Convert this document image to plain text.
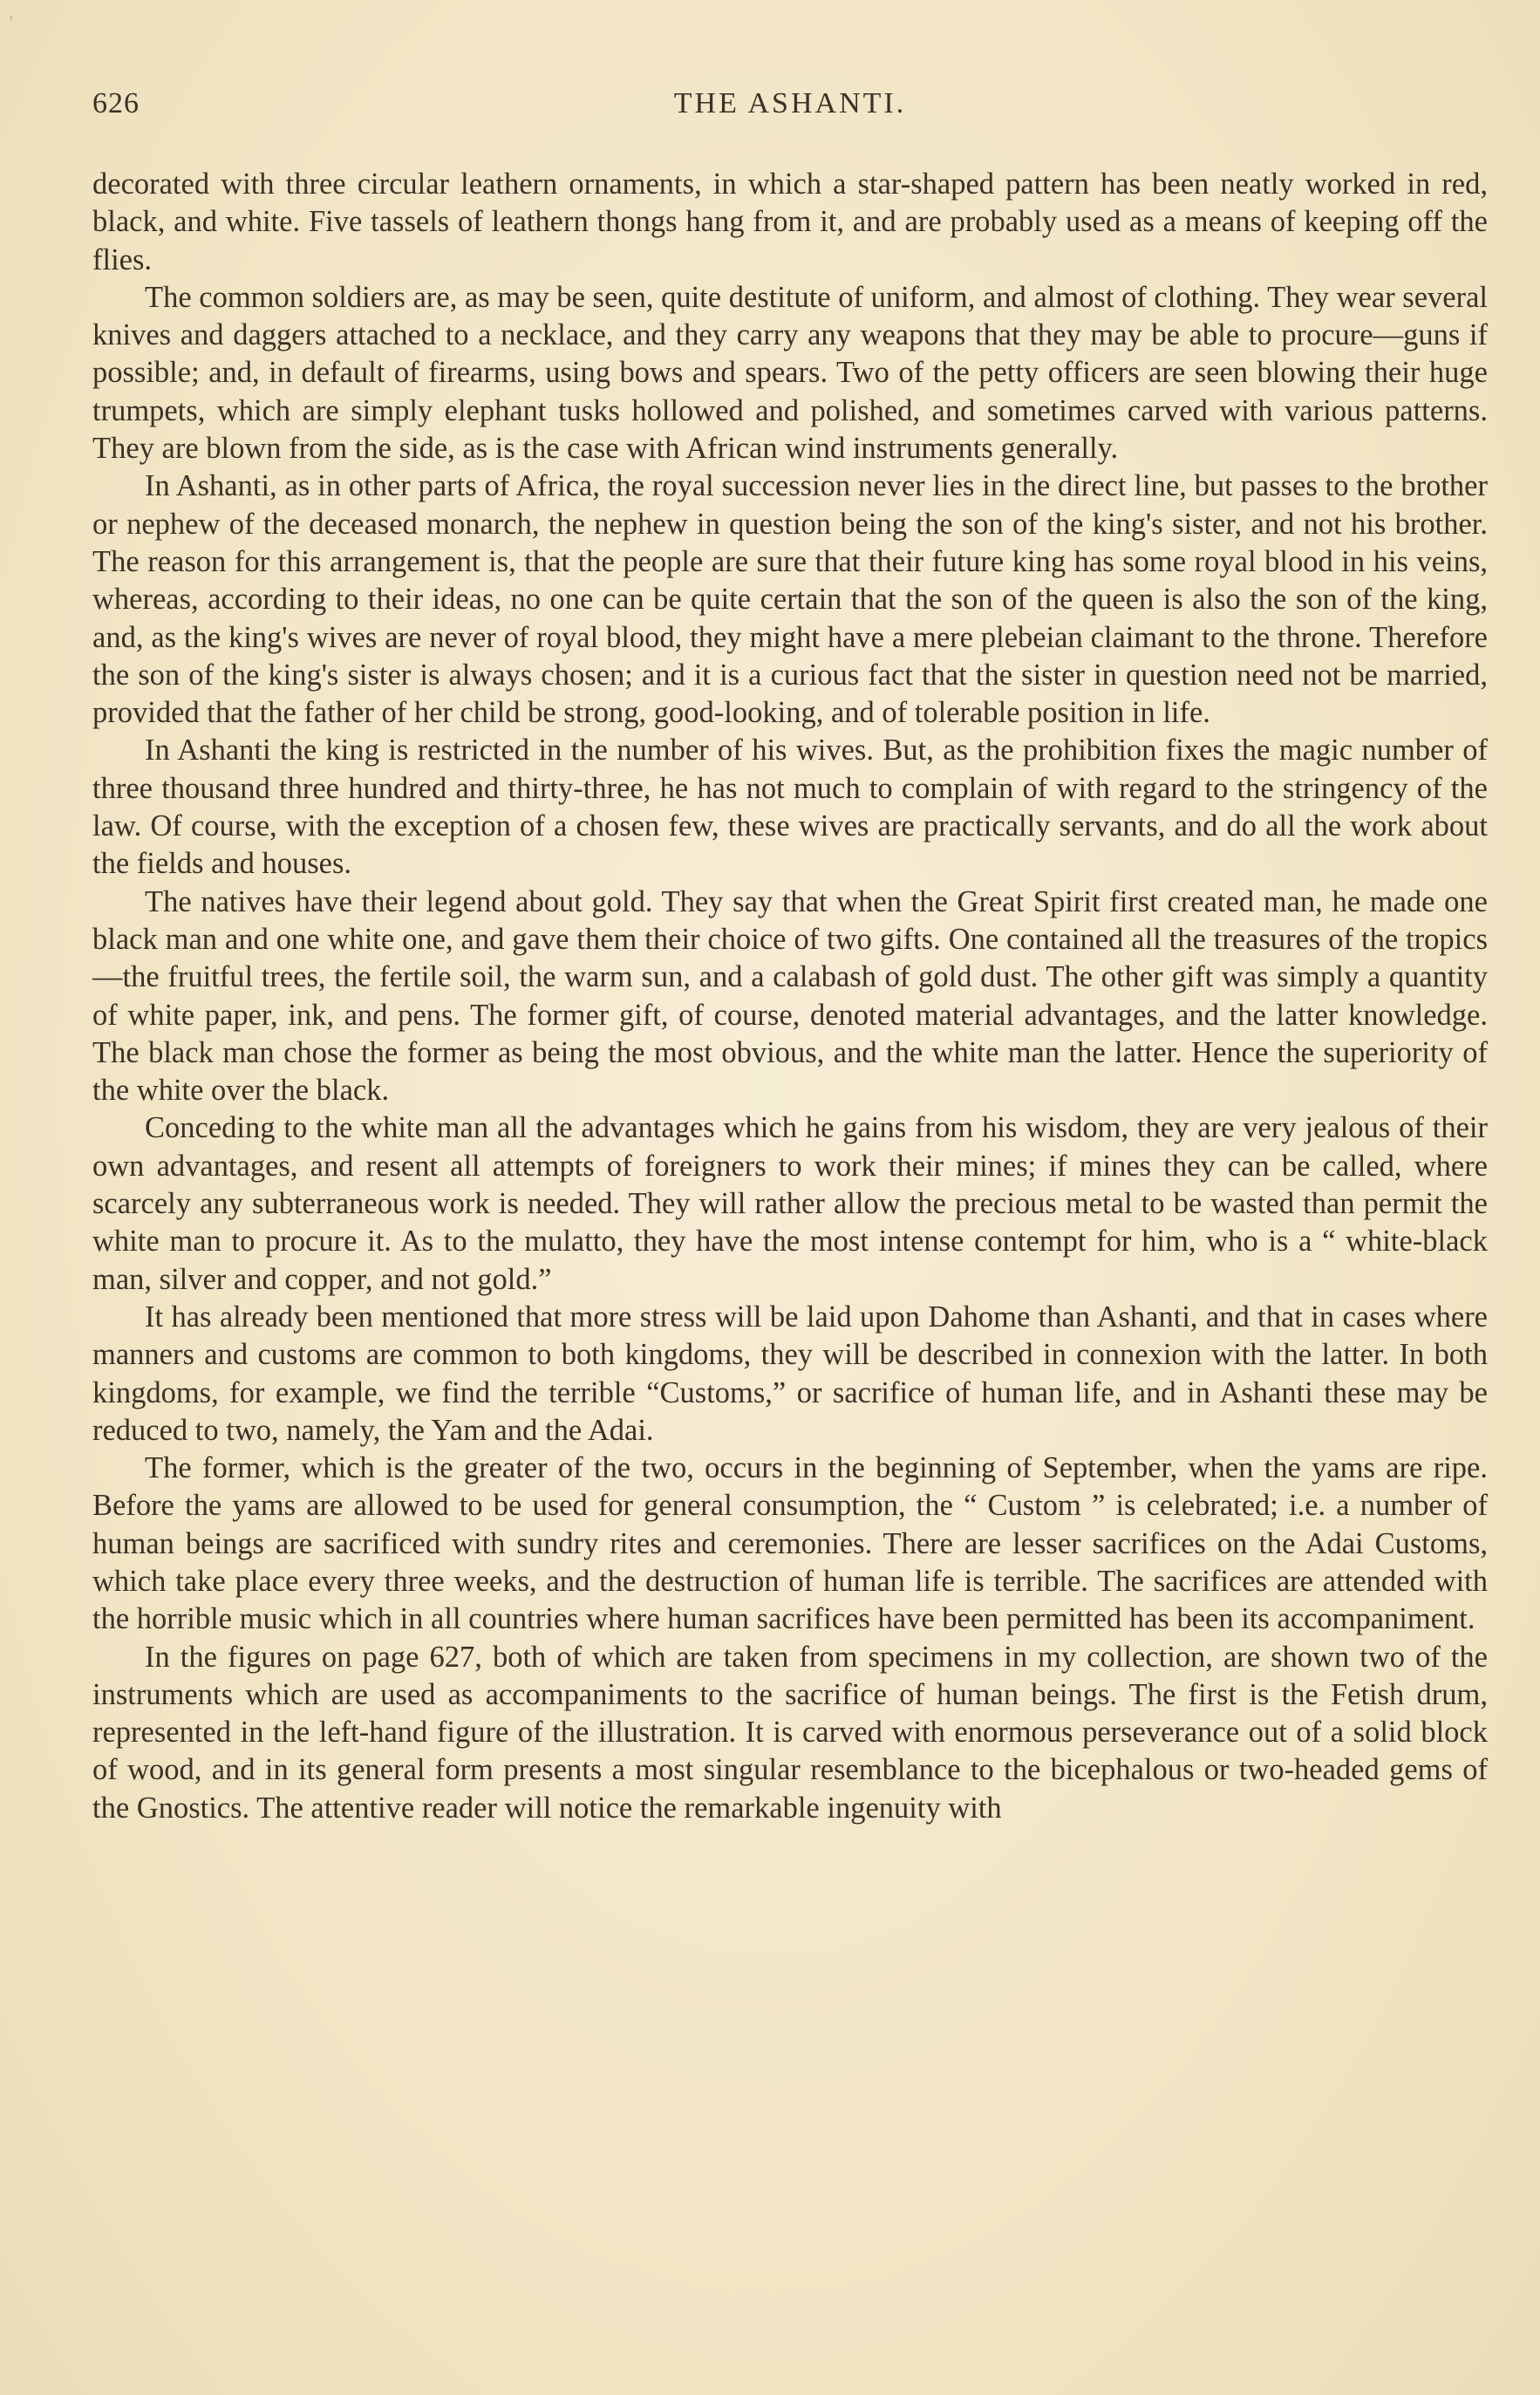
ˈ
626	THE ASHANTI.

decorated with three circular leathern ornaments, in which a star-shaped pattern has been neatly worked in red, black, and white. Five tassels of leathern thongs hang from it, and are probably used as a means of keeping off the flies.

The common soldiers are, as may be seen, quite destitute of uniform, and almost of clothing. They wear several knives and daggers attached to a necklace, and they carry any weapons that they may be able to procure—guns if possible; and, in default of firearms, using bows and spears. Two of the petty officers are seen blowing their huge trumpets, which are simply elephant tusks hollowed and polished, and sometimes carved with various patterns. They are blown from the side, as is the case with African wind instruments generally.

In Ashanti, as in other parts of Africa, the royal succession never lies in the direct line, but passes to the brother or nephew of the deceased monarch, the nephew in question being the son of the king's sister, and not his brother. The reason for this arrangement is, that the people are sure that their future king has some royal blood in his veins, whereas, according to their ideas, no one can be quite certain that the son of the queen is also the son of the king, and, as the king's wives are never of royal blood, they might have a mere plebeian claimant to the throne. Therefore the son of the king's sister is always chosen; and it is a curious fact that the sister in question need not be married, provided that the father of her child be strong, good-looking, and of tolerable position in life.

In Ashanti the king is restricted in the number of his wives. But, as the prohibition fixes the magic number of three thousand three hundred and thirty-three, he has not much to complain of with regard to the stringency of the law. Of course, with the exception of a chosen few, these wives are practically servants, and do all the work about the fields and houses.

The natives have their legend about gold. They say that when the Great Spirit first created man, he made one black man and one white one, and gave them their choice of two gifts. One contained all the treasures of the tropics—the fruitful trees, the fertile soil, the warm sun, and a calabash of gold dust. The other gift was simply a quantity of white paper, ink, and pens. The former gift, of course, denoted material advantages, and the latter knowledge. The black man chose the former as being the most obvious, and the white man the latter. Hence the superiority of the white over the black.

Conceding to the white man all the advantages which he gains from his wisdom, they are very jealous of their own advantages, and resent all attempts of foreigners to work their mines; if mines they can be called, where scarcely any subterraneous work is needed. They will rather allow the precious metal to be wasted than permit the white man to procure it. As to the mulatto, they have the most intense contempt for him, who is a “ white-black man, silver and copper, and not gold.”

It has already been mentioned that more stress will be laid upon Dahome than Ashanti, and that in cases where manners and customs are common to both kingdoms, they will be described in connexion with the latter. In both kingdoms, for example, we find the terrible “Customs,” or sacrifice of human life, and in Ashanti these may be reduced to two, namely, the Yam and the Adai.

The former, which is the greater of the two, occurs in the beginning of September, when the yams are ripe. Before the yams are allowed to be used for general consumption, the “ Custom ” is celebrated; i.e. a number of human beings are sacrificed with sundry rites and ceremonies. There are lesser sacrifices on the Adai Customs, which take place every three weeks, and the destruction of human life is terrible. The sacrifices are attended with the horrible music which in all countries where human sacrifices have been permitted has been its accompaniment.

In the figures on page 627, both of which are taken from specimens in my collection, are shown two of the instruments which are used as accompaniments to the sacrifice of human beings. The first is the Fetish drum, represented in the left-hand figure of the illustration. It is carved with enormous perseverance out of a solid block of wood, and in its general form presents a most singular resemblance to the bicephalous or two-headed gems of the Gnostics. The attentive reader will notice the remarkable ingenuity with
